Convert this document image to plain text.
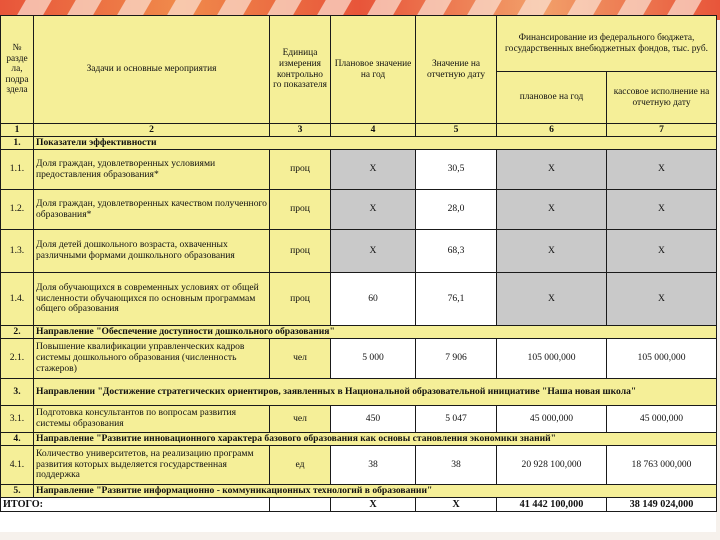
№ разде ла, подра здела	Задачи и основные мероприятия	Единица измерения контрольно го показателя	Плановое значение на год	Значение на отчетную дату	Финансирование из федерального бюджета, государственных внебюджетных фондов, тыс. руб.	
					плановое на год	кассовое исполнение на отчетную дату
1	2	3	4	5	6	7
1.	Показатели эффективности					
1.1.	Доля граждан, удовлетворенных условиями предоставления образования*	проц	Х	30,5	Х	Х
1.2.	Доля граждан, удовлетворенных качеством полученного образования*	проц	Х	28,0	Х	Х
1.3.	Доля детей дошкольного возраста, охваченных различными формами дошкольного образования	проц	Х	68,3	Х	Х
1.4.	Доля обучающихся в современных условиях от общей численности обучающихся по основным программам общего образования	проц	60	76,1	Х	Х
2.	Направление "Обеспечение доступности дошкольного образования"					
2.1.	Повышение квалификации управленческих кадров системы дошкольного образования (численность стажеров)	чел	5 000	7 906	105 000,000	105 000,000
3.	Направлении "Достижение стратегических ориентиров, заявленных в Национальной образовательной инициативе "Наша новая школа"					
3.1.	Подготовка консультантов по вопросам развития системы образования	чел	450	5 047	45 000,000	45 000,000
4.	Направление "Развитие инновационного характера базового образования как основы становления экономики знаний"					
4.1.	Количество университетов, на реализацию программ развития которых выделяется государственная поддержка	ед	38	38	20 928 100,000	18 763 000,000
5.	Направление "Развитие информационно - коммуникационных технологий в образовании"					
ИТОГО:			Х	Х	41 442 100,000	38 149 024,000
